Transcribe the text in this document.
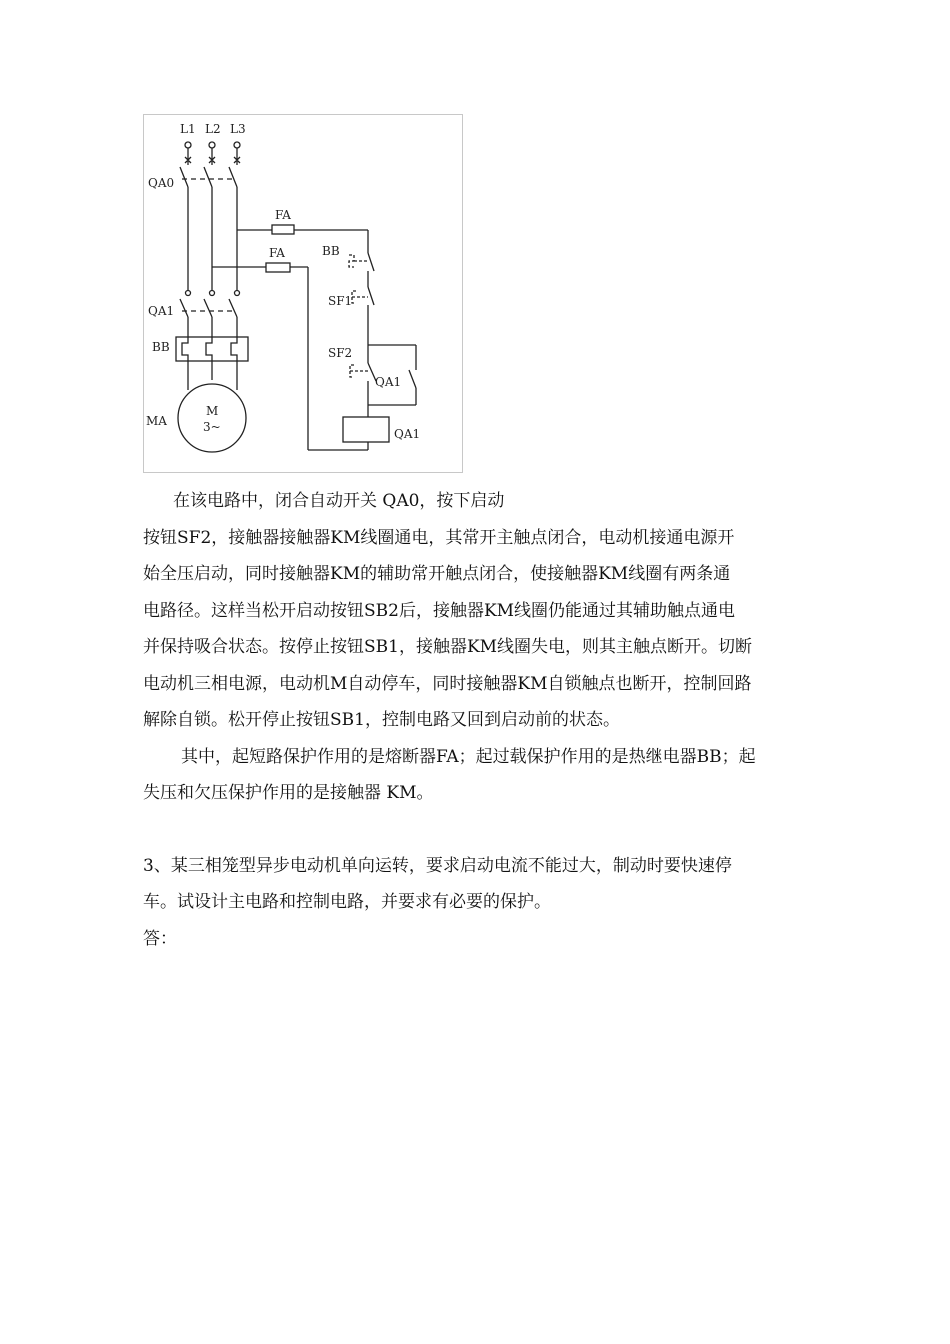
L1 L2 L3
QA0
QA1
BB
MA
M
3~
FA
FA	BB
SF1
SF2
QA1
QA1

在该电路中，闭合自动开关 QA0，按下启动

按钮SF2，接触器接触器KM线圈通电，其常开主触点闭合，电动机接通电源开

始全压启动，同时接触器KM的辅助常开触点闭合，使接触器KM线圈有两条通

电路径。这样当松开启动按钮SB2后，接触器KM线圈仍能通过其辅助触点通电

并保持吸合状态。按停止按钮SB1，接触器KM线圈失电，则其主触点断开。切断

电动机三相电源，电动机M自动停车，同时接触器KM自锁触点也断开，控制回路

解除自锁。松开停止按钮SB1，控制电路又回到启动前的状态。

其中，起短路保护作用的是熔断器FA；起过载保护作用的是热继电器BB；起

失压和欠压保护作用的是接触器 KM。

3、某三相笼型异步电动机单向运转，要求启动电流不能过大，制动时要快速停

车。试设计主电路和控制电路，并要求有必要的保护。

答：
